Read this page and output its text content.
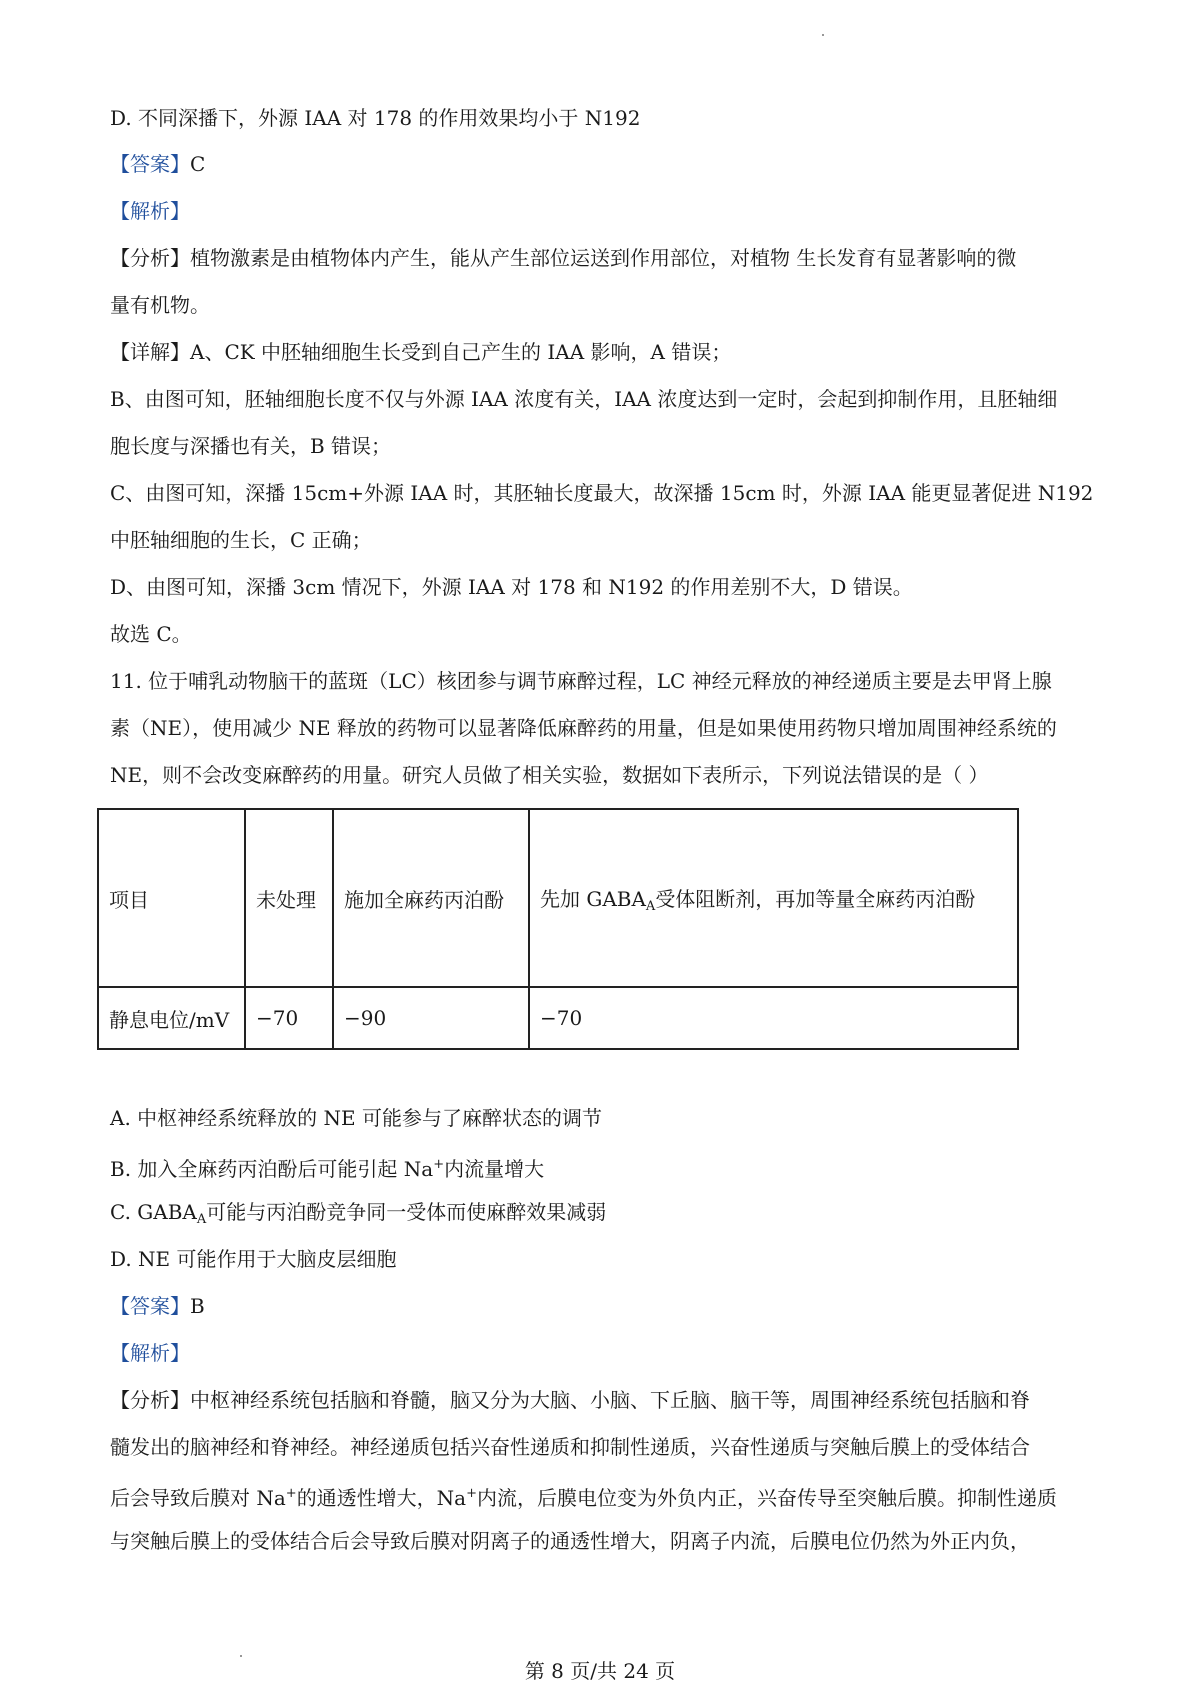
D. 不同深播下，外源 IAA 对 178 的作用效果均小于 N192
【答案】C
【解析】
【分析】植物激素是由植物体内产生，能从产生部位运送到作用部位，对植物 生长发育有显著影响的微
量有机物。
【详解】A、CK 中胚轴细胞生长受到自己产生的 IAA 影响，A 错误；
B、由图可知，胚轴细胞长度不仅与外源 IAA 浓度有关，IAA 浓度达到一定时，会起到抑制作用，且胚轴细
胞长度与深播也有关，B 错误；
C、由图可知，深播 15cm+外源 IAA 时，其胚轴长度最大，故深播 15cm 时，外源 IAA 能更显著促进 N192
中胚轴细胞的生长，C 正确；
D、由图可知，深播 3cm 情况下，外源 IAA 对 178 和 N192 的作用差别不大，D 错误。
故选 C。
11. 位于哺乳动物脑干的蓝斑（LC）核团参与调节麻醉过程，LC 神经元释放的神经递质主要是去甲肾上腺
素（NE），使用减少 NE 释放的药物可以显著降低麻醉药的用量，但是如果使用药物只增加周围神经系统的
NE，则不会改变麻醉药的用量。研究人员做了相关实验，数据如下表所示，下列说法错误的是（ ）
项目	未处理	施加全麻药丙泊酚	先加 $GABA_A$受体阻断剂，再加等量全麻药丙泊酚
静息电位/mV	−70	−90	−70
A. 中枢神经系统释放的 NE 可能参与了麻醉状态的调节
B. 加入全麻药丙泊酚后可能引起 Na+内流量增大
C. $GABA_A$可能与丙泊酚竞争同一受体而使麻醉效果减弱
D. NE 可能作用于大脑皮层细胞
【答案】B
【解析】
【分析】中枢神经系统包括脑和脊髓，脑又分为大脑、小脑、下丘脑、脑干等，周围神经系统包括脑和脊
髓发出的脑神经和脊神经。神经递质包括兴奋性递质和抑制性递质，兴奋性递质与突触后膜上的受体结合
后会导致后膜对 Na+的通透性增大，Na+内流，后膜电位变为外负内正，兴奋传导至突触后膜。抑制性递质
与突触后膜上的受体结合后会导致后膜对阴离子的通透性增大，阴离子内流，后膜电位仍然为外正内负，
第 8 页/共 24 页
